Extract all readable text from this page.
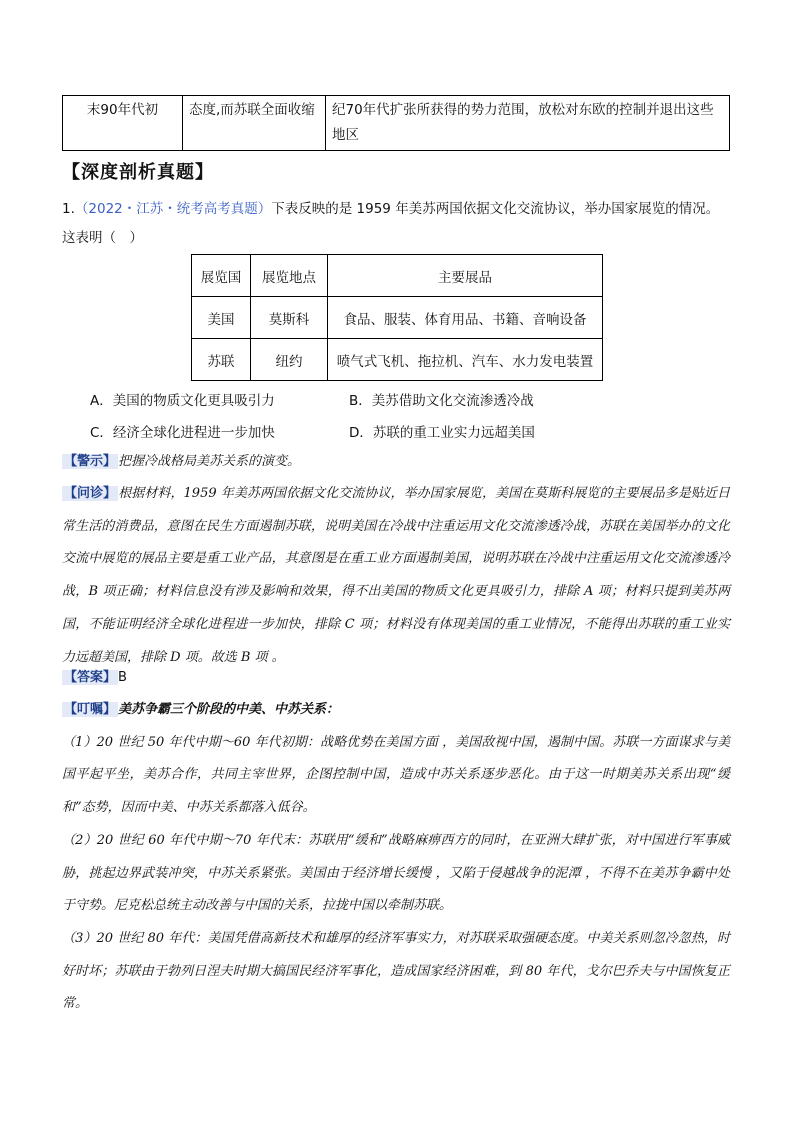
末90年代初	态度,而苏联全面收缩	纪70年代扩张所获得的势力范围，放松对东欧的控制并退出这些地区
【深度剖析真题】
1.（2022・江苏・统考高考真题）下表反映的是 1959 年美苏两国依据文化交流协议，举办国家展览的情况。
这表明（　）
展览国	展览地点	主要展品
美国	莫斯科	食品、服装、体育用品、书籍、音响设备
苏联	纽约	喷气式飞机、拖拉机、汽车、水力发电装置
A．美国的物质文化更具吸引力	B．美苏借助文化交流渗透冷战
C．经济全球化进程进一步加快	D．苏联的重工业实力远超美国
【警示】 把握冷战格局美苏关系的演变。
【问诊】 根据材料，1959 年美苏两国依据文化交流协议，举办国家展览，美国在莫斯科展览的主要展品多是贴近日常生活的消费品，意图在民生方面遏制苏联，说明美国在冷战中注重运用文化交流渗透冷战，苏联在美国举办的文化交流中展览的展品主要是重工业产品，其意图是在重工业方面遏制美国，说明苏联在冷战中注重运用文化交流渗透冷战，B 项正确；材料信息没有涉及影响和效果，得不出美国的物质文化更具吸引力，排除 A 项；材料只提到美苏两国，不能证明经济全球化进程进一步加快，排除 C 项；材料没有体现美国的重工业情况，不能得出苏联的重工业实力远超美国，排除 D 项。故选 B 项 。
【答案】 B
【叮嘱】 美苏争霸三个阶段的中美、中苏关系：
（1）20 世纪 50 年代中期～60 年代初期：战略优势在美国方面 ，美国敌视中国，遏制中国。苏联一方面谋求与美国平起平坐，美苏合作，共同主宰世界，企图控制中国，造成中苏关系逐步恶化。由于这一时期美苏关系出现“缓和”态势，因而中美、中苏关系都落入低谷。
（2）20 世纪 60 年代中期～70 年代末：苏联用“缓和”战略麻痹西方的同时，在亚洲大肆扩张，对中国进行军事威胁，挑起边界武装冲突，中苏关系紧张。美国由于经济增长缓慢 ，又陷于侵越战争的泥潭 ，不得不在美苏争霸中处于守势。尼克松总统主动改善与中国的关系，拉拢中国以牵制苏联。
（3）20 世纪 80 年代：美国凭借高新技术和雄厚的经济军事实力，对苏联采取强硬态度。中美关系则忽冷忽热，时好时坏；苏联由于勃列日涅夫时期大搞国民经济军事化，造成国家经济困难，到 80 年代，戈尔巴乔夫与中国恢复正常。
